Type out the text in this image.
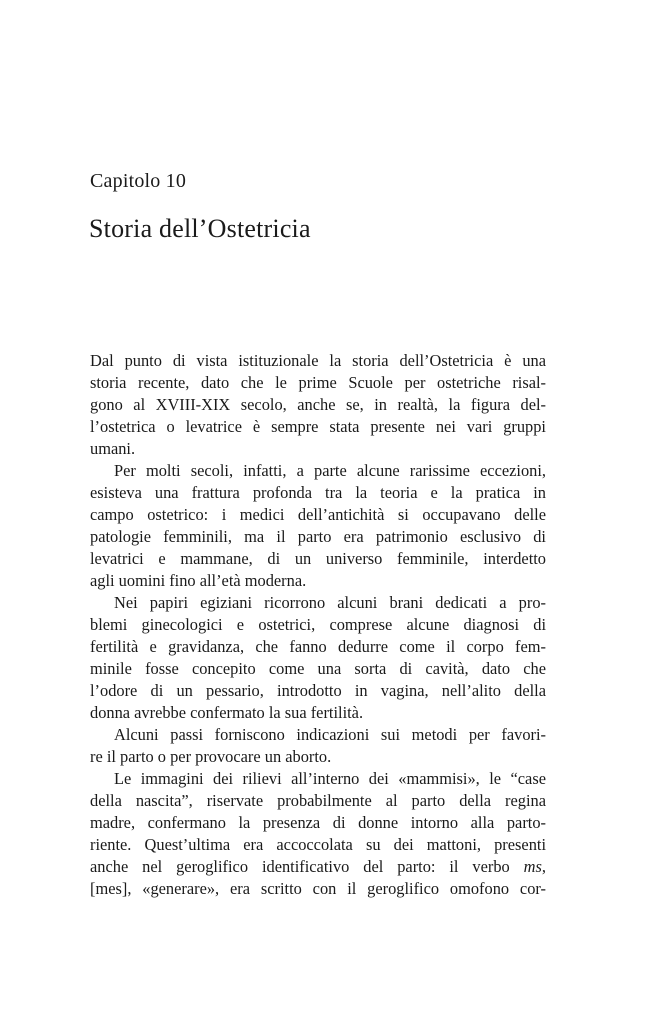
Capitolo 10
Storia dell’Ostetricia
Dal punto di vista istituzionale la storia dell’Ostetricia è una
storia recente, dato che le prime Scuole per ostetriche risal-
gono al XVIII-XIX secolo, anche se, in realtà, la figura del-
l’ostetrica o levatrice è sempre stata presente nei vari gruppi
umani.
Per molti secoli, infatti, a parte alcune rarissime eccezioni,
esisteva una frattura profonda tra la teoria e la pratica in
campo ostetrico: i medici dell’antichità si occupavano delle
patologie femminili, ma il parto era patrimonio esclusivo di
levatrici e mammane, di un universo femminile, interdetto
agli uomini fino all’età moderna.
Nei papiri egiziani ricorrono alcuni brani dedicati a pro-
blemi ginecologici e ostetrici, comprese alcune diagnosi di
fertilità e gravidanza, che fanno dedurre come il corpo fem-
minile fosse concepito come una sorta di cavità, dato che
l’odore di un pessario, introdotto in vagina, nell’alito della
donna avrebbe confermato la sua fertilità.
Alcuni passi forniscono indicazioni sui metodi per favori-
re il parto o per provocare un aborto.
Le immagini dei rilievi all’interno dei «mammisi», le “case
della nascita”, riservate probabilmente al parto della regina
madre, confermano la presenza di donne intorno alla parto-
riente. Quest’ultima era accoccolata su dei mattoni, presenti
anche nel geroglifico identificativo del parto: il verbo ms,
[mes], «generare», era scritto con il geroglifico omofono cor-
